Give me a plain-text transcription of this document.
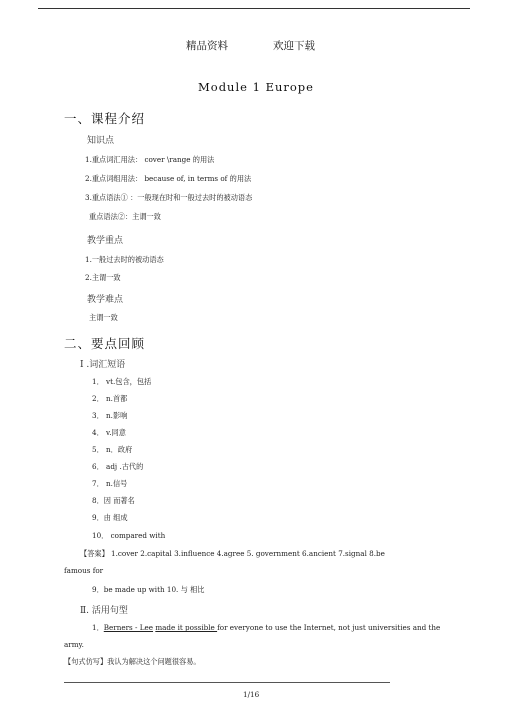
精品资料	欢迎下载
Module 1 Europe
一、课程介绍
知识点
1.重点词汇用法： cover \range 的用法
2.重点词组用法： because of, in terms of 的用法
3.重点语法① ：一般现在时和一般过去时的被动语态
重点语法②：主谓一致
教学重点
1.一般过去时的被动语态
2.主谓一致
教学难点
主谓一致
二、要点回顾
Ⅰ .词汇短语
1． vt.包含，包括
2． n.首都
3． n.影响
4． v.同意
5． n．政府
6． adj .古代的
7． n.信号
8．因 而著名
9．由 组成
10． compared with
【答案】 1.cover 2.capital 3.influence 4.agree 5. government 6.ancient 7.signal 8.be
famous for
9．be made up with 10. 与 相比
Ⅱ. 活用句型
1．Berners - Lee made it possible for everyone to use the Internet, not just universities and the
army.
【句式仿写】我认为解决这个问题很容易。
1/16
